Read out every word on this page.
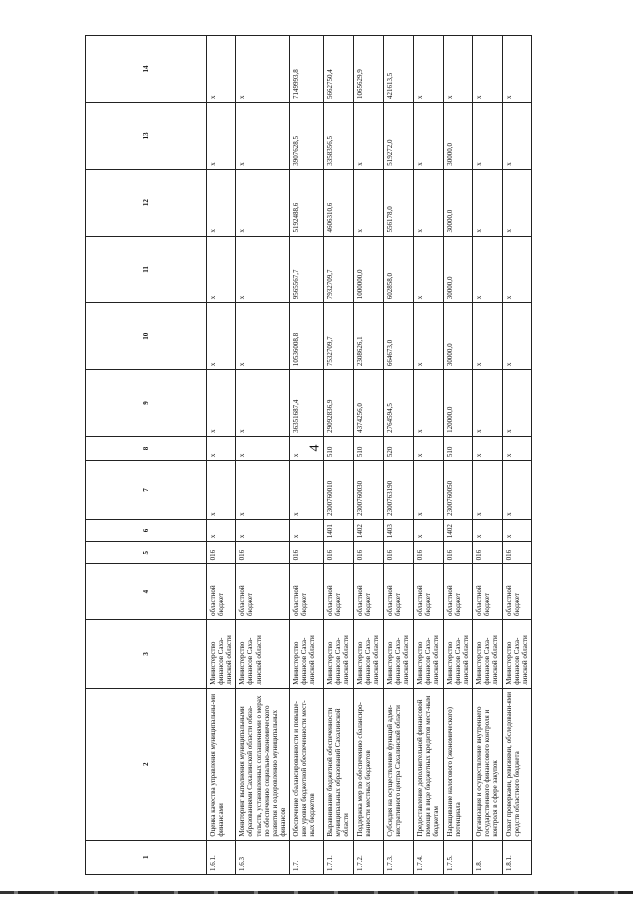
4
1	2	3	4	5	6	7	8	9	10	11	12	13	14
1.6.1.	Оценка качества управления муниципальны-ми финансами	Министерство финансов Саха-линской области	областной бюджет	016	х	х	х	х	х	х	х	х	х
1.6.3	Мониторинг выполнения муниципальными образованиями Сахалинской области обяза-тельств, установленных соглашениями о мерах по обеспечению социально-экономического развития и оздоровлению муниципальных финансов	Министерство финансов Саха-линской области	областной бюджет	016	х	х	х	х	х	х	х	х	х
1.7.	Обеспечение сбалансированности и повыше-ние уровня бюджетной обеспеченности мест-ных бюджетов	Министерство финансов Саха-линской области	областной бюджет	016	х	х	х	36351687,4	10536008,8	9565567,7	5192488,6	3907628,5	7149993,8
1.7.1.	Выравнивание бюджетной обеспеченности муниципальных образований Сахалинской области	Министерство финансов Саха-линской области	областной бюджет	016	1401	2300760010	510	29092836,9	7532709,7	7932709,7	4606310,6	3358356,5	5662750,4
1.7.2.	Поддержка мер по обеспечению сбалансиро-ванности местных бюджетов	Министерство финансов Саха-линской области	областной бюджет	016	1402	2300760030	510	4374256,0	2308626,1	1000000,0	х	х	1065629,9
1.7.3.	Субсидия на осуществление функций адми-нистративного центра Сахалинской области	Министерство финансов Саха-линской области	областной бюджет	016	1403	2300763190	520	2764594,5	664673,0	602858,0	556178,0	519272,0	421613,5
1.7.4.	Предоставление дополнительной финансовой помощи в виде бюджетных кредитов мест-ным бюджетам	Министерство финансов Саха-линской области	областной бюджет	016	х	х	х	х	х	х	х	х	х
1.7.5.	Наращивание налогового (экономического) потенциала	Министерство финансов Саха-линской области	областной бюджет	016	1402	2300760050	510	120000,0	30000,0	30000,0	30000,0	30000,0	х
1.8.	Организация и осуществление внутреннего государственного финансового контроля и контроля в сфере закупок	Министерство финансов Саха-линской области	областной бюджет	016	х	х	х	х	х	х	х	х	х
1.8.1.	Охват проверками, ревизиями, обследовани-ями средств областного бюджета	Министерство финансов Саха-линской области	областной бюджет	016	х	х	х	х	х	х	х	х	х
